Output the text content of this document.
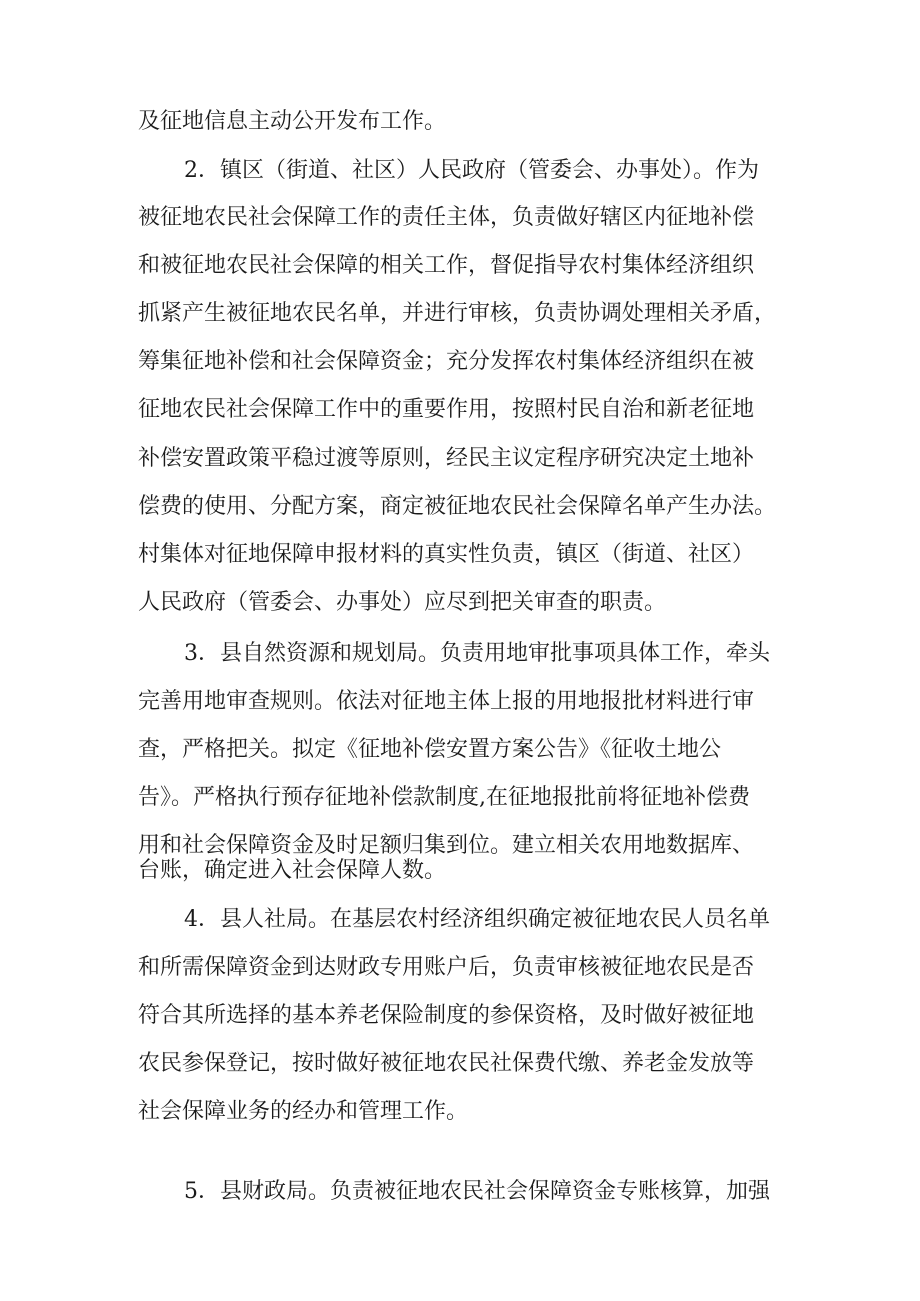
及征地信息主动公开发布工作。
2．镇区（街道、社区）人民政府（管委会、办事处）。作为
被征地农民社会保障工作的责任主体，负责做好辖区内征地补偿
和被征地农民社会保障的相关工作，督促指导农村集体经济组织
抓紧产生被征地农民名单，并进行审核，负责协调处理相关矛盾，
筹集征地补偿和社会保障资金；充分发挥农村集体经济组织在被
征地农民社会保障工作中的重要作用，按照村民自治和新老征地
补偿安置政策平稳过渡等原则，经民主议定程序研究决定土地补
偿费的使用、分配方案，商定被征地农民社会保障名单产生办法。
村集体对征地保障申报材料的真实性负责，镇区（街道、社区）
人民政府（管委会、办事处）应尽到把关审查的职责。
3．县自然资源和规划局。负责用地审批事项具体工作，牵头
完善用地审查规则。依法对征地主体上报的用地报批材料进行审
查，严格把关。拟定《征地补偿安置方案公告》《征收土地公
告》。严格执行预存征地补偿款制度,在征地报批前将征地补偿费
用和社会保障资金及时足额归集到位。建立相关农用地数据库、
台账，确定进入社会保障人数。
4．县人社局。在基层农村经济组织确定被征地农民人员名单
和所需保障资金到达财政专用账户后，负责审核被征地农民是否
符合其所选择的基本养老保险制度的参保资格，及时做好被征地
农民参保登记，按时做好被征地农民社保费代缴、养老金发放等
社会保障业务的经办和管理工作。
5．县财政局。负责被征地农民社会保障资金专账核算，加强
